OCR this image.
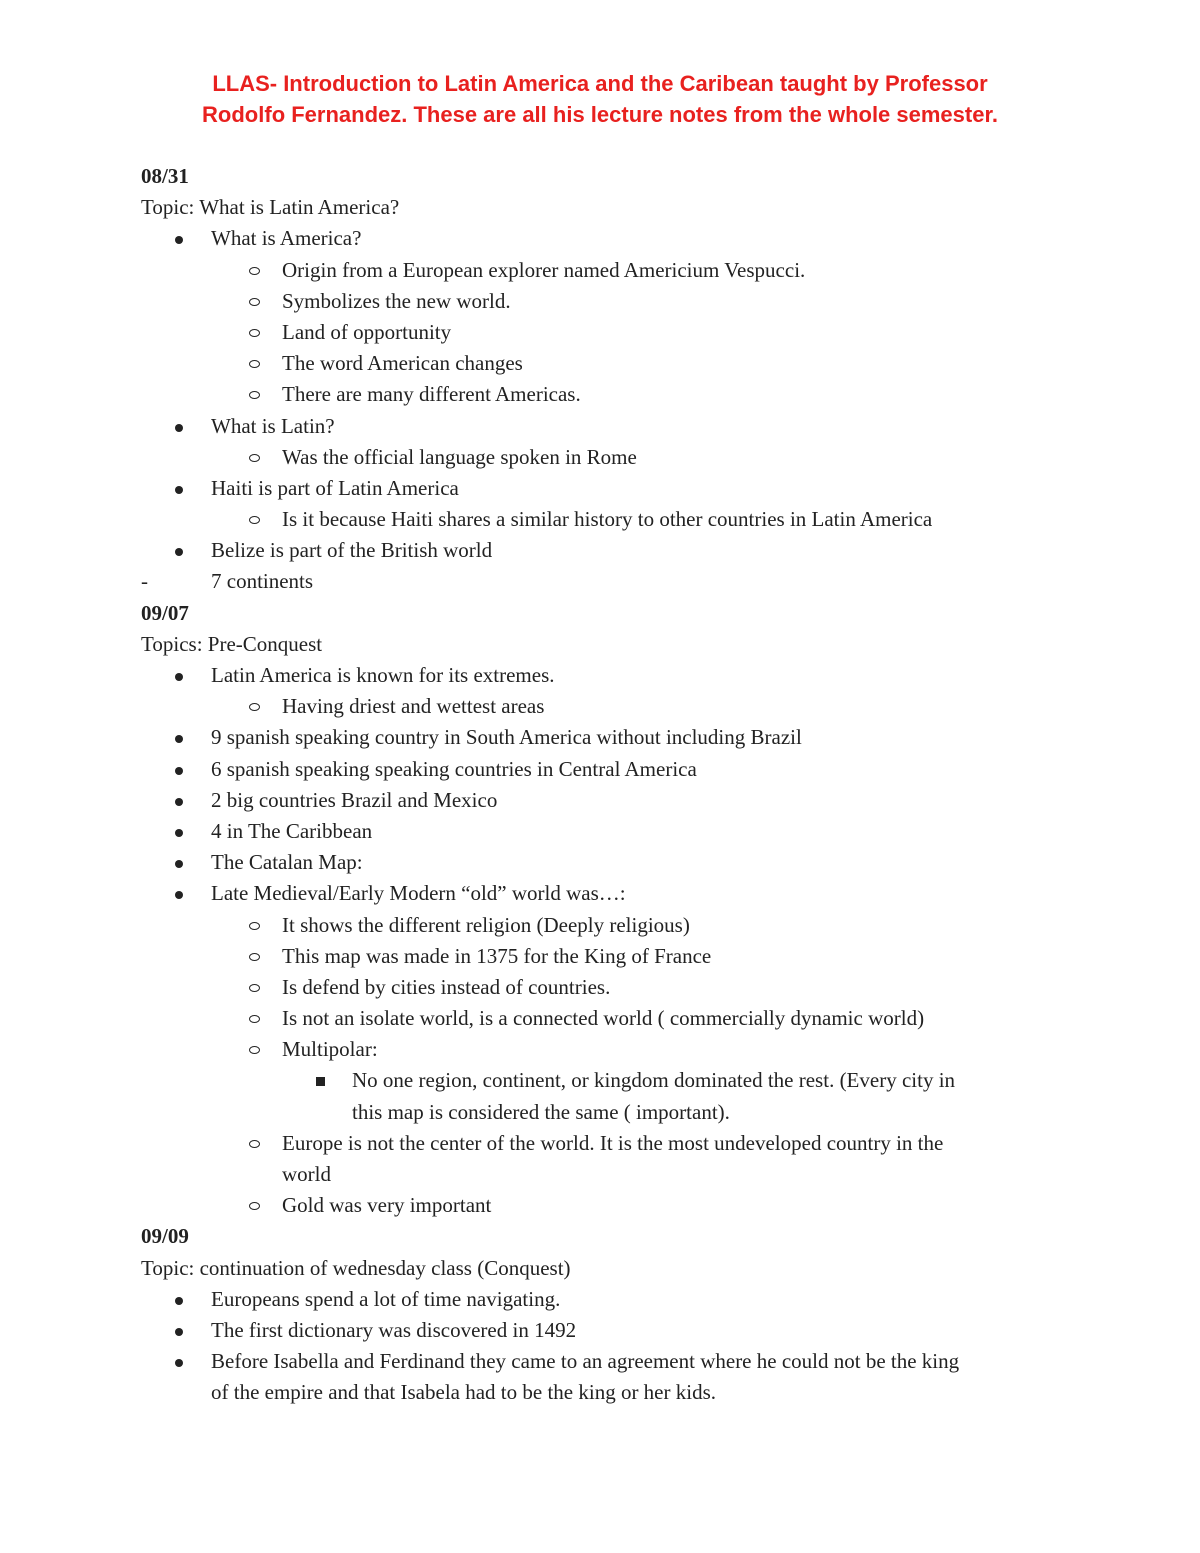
LLAS- Introduction to Latin America and the Caribean taught by Professor
Rodolfo Fernandez. These are all his lecture notes from the whole semester.
08/31
Topic: What is Latin America?
What is America?
Origin from a European explorer named Americium Vespucci.
Symbolizes the new world.
Land of opportunity
The word American changes
There are many different Americas.
What is Latin?
Was the official language spoken in Rome
Haiti is part of Latin America
Is it because Haiti shares a similar history to other countries in Latin America
Belize is part of the British world
-	7 continents
09/07
Topics: Pre-Conquest
Latin America is known for its extremes.
Having driest and wettest areas
9 spanish speaking country in South America without including Brazil
6 spanish speaking speaking countries in Central America
2 big countries Brazil and Mexico
4 in The Caribbean
The Catalan Map:
Late Medieval/Early Modern “old” world was…:
It shows the different religion (Deeply religious)
This map was made in 1375 for the King of France
Is defend by cities instead of countries.
Is not an isolate world, is a connected world ( commercially dynamic world)
Multipolar:
No one region, continent, or kingdom dominated the rest. (Every city in
this map is considered the same ( important).
Europe is not the center of the world. It is the most undeveloped country in the
world
Gold was very important
09/09
Topic: continuation of wednesday class (Conquest)
Europeans spend a lot of time navigating.
The first dictionary was discovered in 1492
Before Isabella and Ferdinand they came to an agreement where he could not be the king
of the empire and that Isabela had to be the king or her kids.
